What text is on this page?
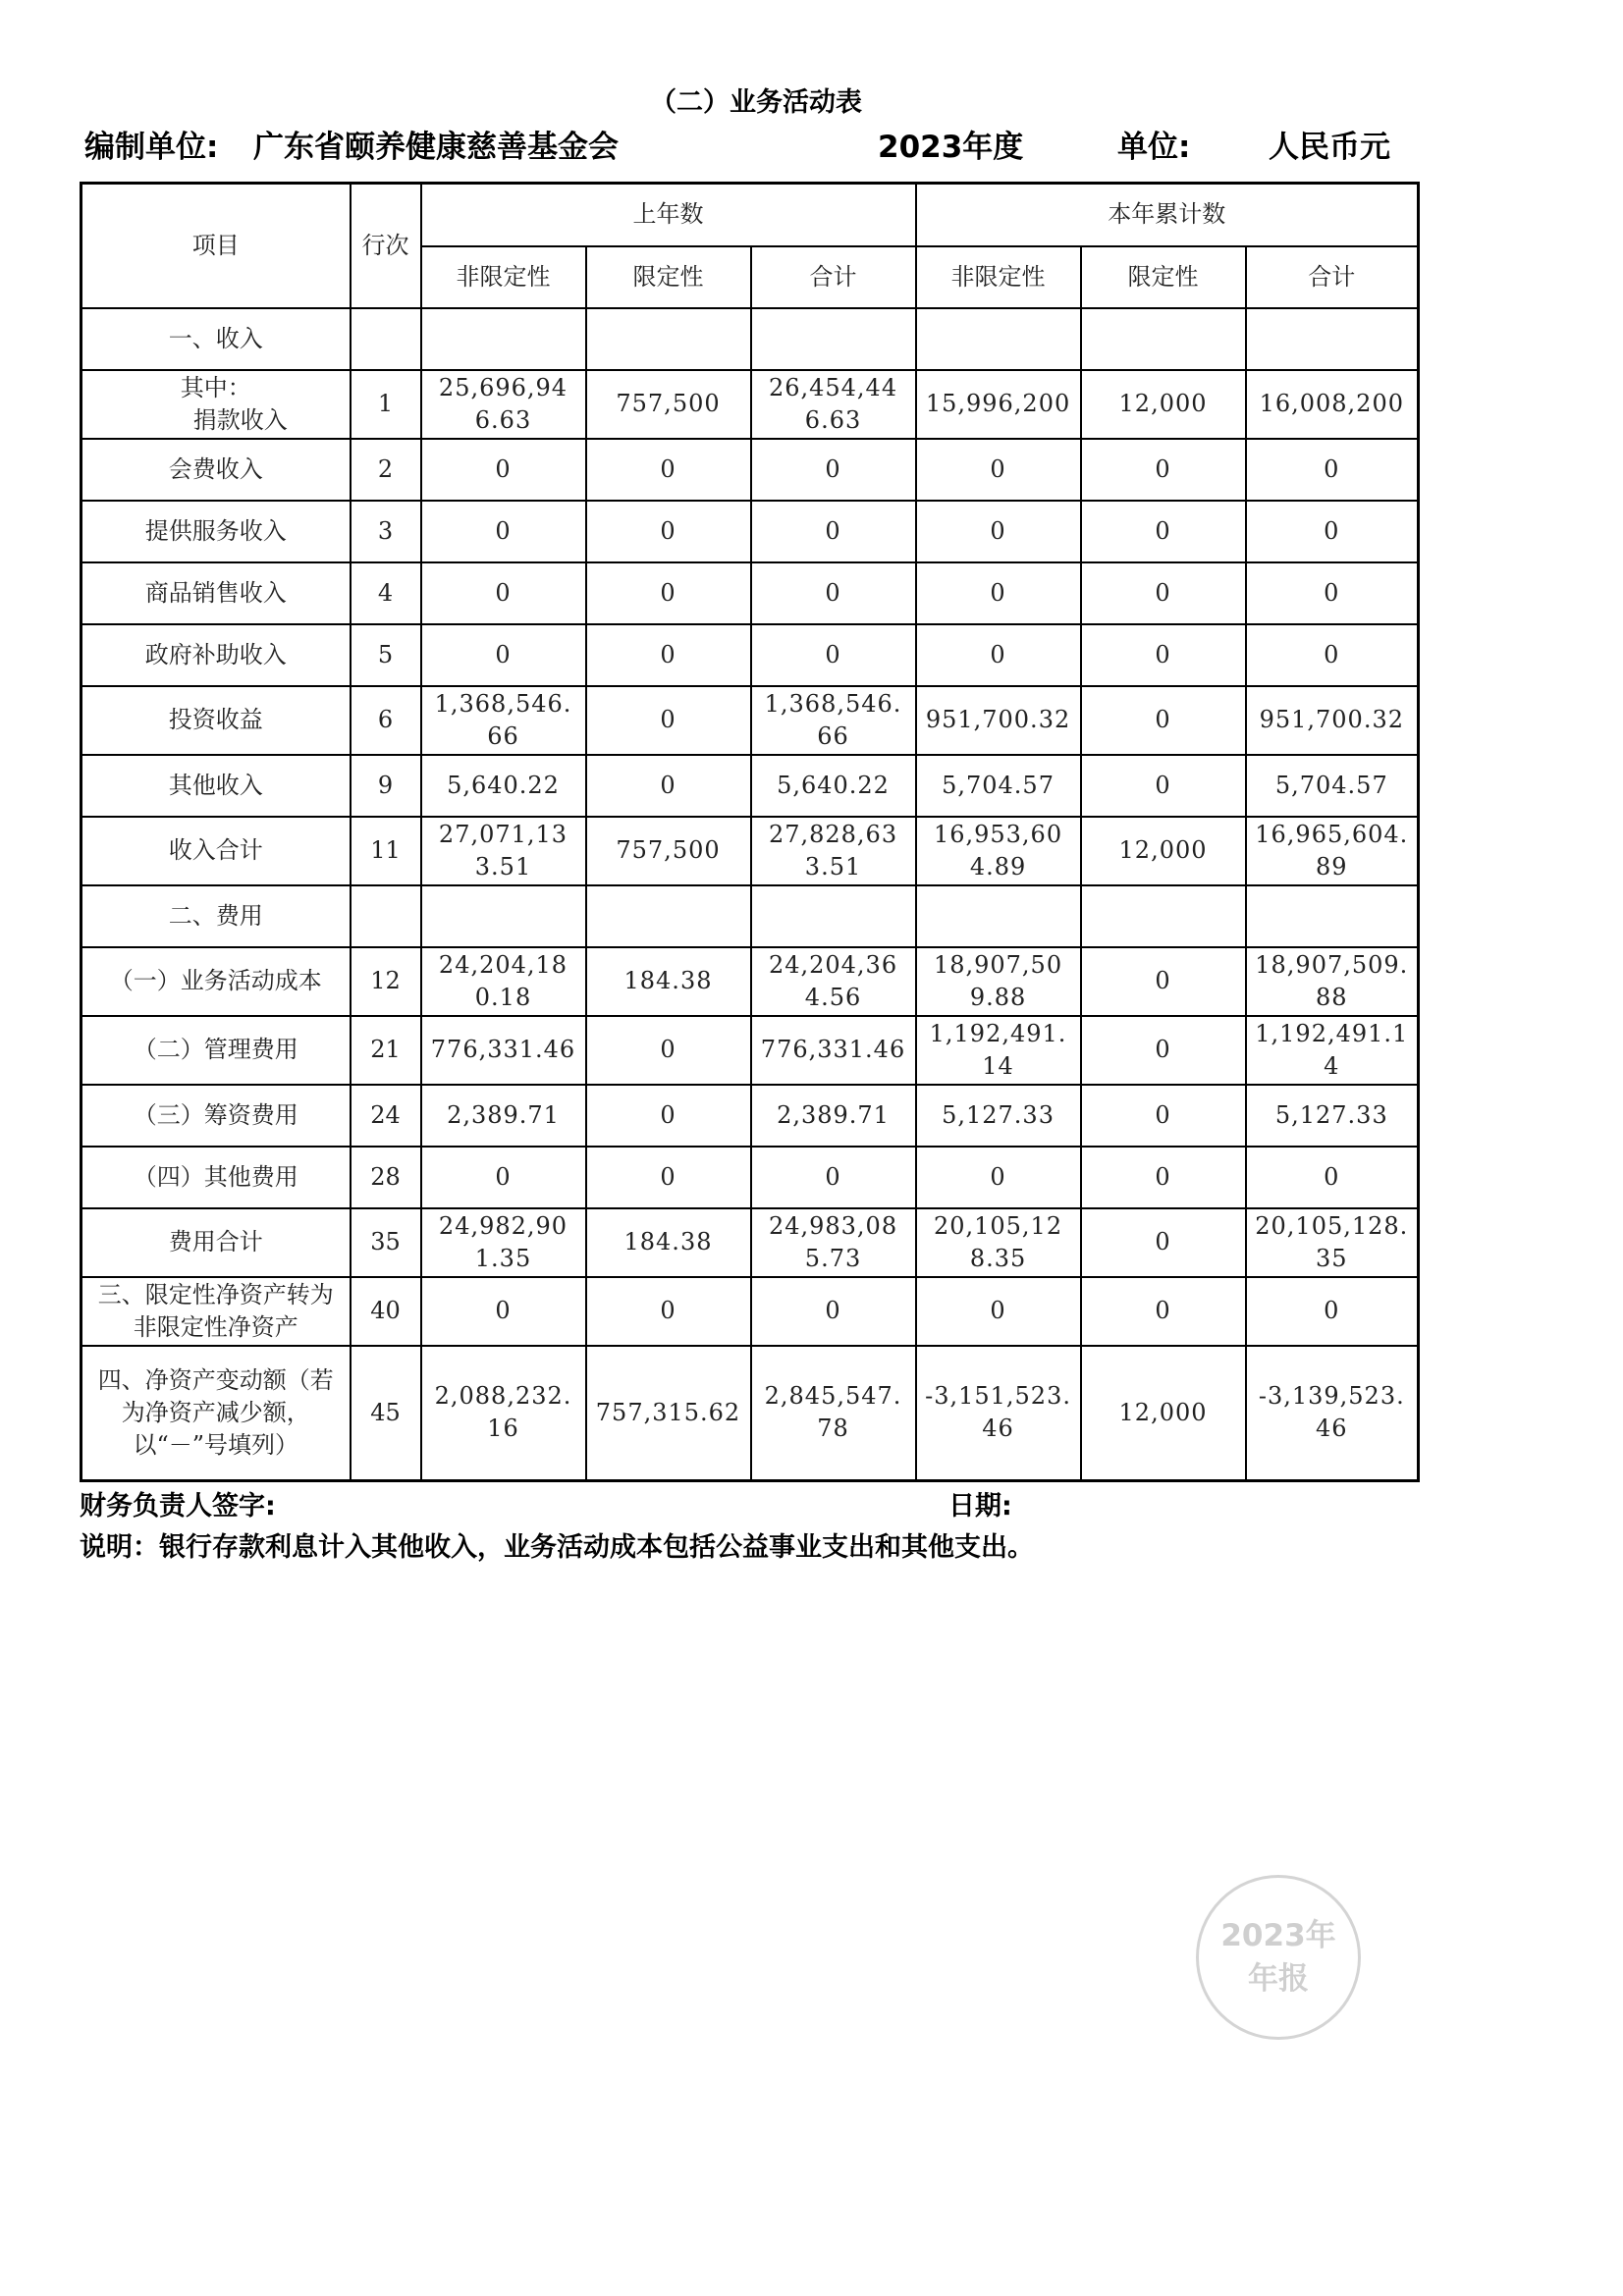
（二）业务活动表
编制单位: 广东省颐养健康慈善基金会	2023年度	单位:	人民币元
项目	行次	上年数			本年累计数		
		非限定性	限定性	合计	非限定性	限定性	合计
一、收入							

其中：
捐款收入	1	25,696,946.63	757,500	26,454,446.63	15,996,200	12,000	16,008,200
会费收入	2	0	0	0	0	0	0
提供服务收入	3	0	0	0	0	0	0
商品销售收入	4	0	0	0	0	0	0
政府补助收入	5	0	0	0	0	0	0
投资收益	6	1,368,546.66	0	1,368,546.66	951,700.32	0	951,700.32
其他收入	9	5,640.22	0	5,640.22	5,704.57	0	5,704.57
收入合计	11	27,071,133.51	757,500	27,828,633.51	16,953,604.89	12,000	16,965,604.89
二、费用							
（一）业务活动成本	12	24,204,180.18	184.38	24,204,364.56	18,907,509.88	0	18,907,509.88
（二）管理费用	21	776,331.46	0	776,331.46	1,192,491.14	0	1,192,491.14
（三）筹资费用	24	2,389.71	0	2,389.71	5,127.33	0	5,127.33
（四）其他费用	28	0	0	0	0	0	0
费用合计	35	24,982,901.35	184.38	24,983,085.73	20,105,128.35	0	20,105,128.35
三、限定性净资产转为非限定性净资产	40	0	0	0	0	0	0
四、净资产变动额（若为净资产减少额，以“－”号填列）	45	2,088,232.16	757,315.62	2,845,547.78	-3,151,523.46	12,000	-3,139,523.46
财务负责人签字:	日期:
说明：银行存款利息计入其他收入，业务活动成本包括公益事业支出和其他支出。
2023年
年报
